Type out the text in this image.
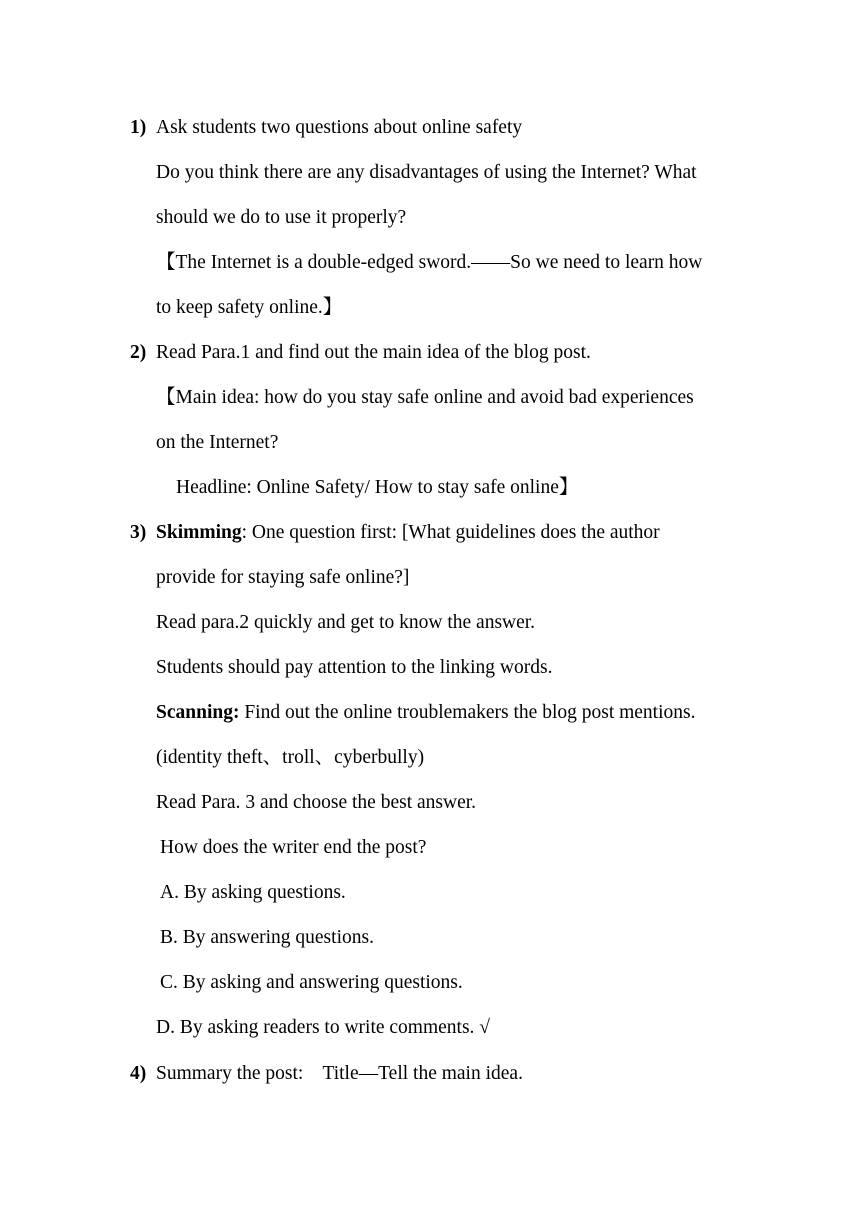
1) Ask students two questions about online safety
Do you think there are any disadvantages of using the Internet? What
should we do to use it properly?
【The Internet is a double-edged sword.——So we need to learn how
to keep safety online.】
2) Read Para.1 and find out the main idea of the blog post.
【Main idea: how do you stay safe online and avoid bad experiences
on the Internet?
Headline: Online Safety/ How to stay safe online】
3) Skimming: One question first: [What guidelines does the author
provide for staying safe online?]
Read para.2 quickly and get to know the answer.
Students should pay attention to the linking words.
Scanning: Find out the online troublemakers the blog post mentions.
(identity theft、troll、cyberbully)
Read Para. 3 and choose the best answer.
How does the writer end the post?
A. By asking questions.
B. By answering questions.
C. By asking and answering questions.
D. By asking readers to write comments. √
4) Summary the post:    Title—Tell the main idea.
